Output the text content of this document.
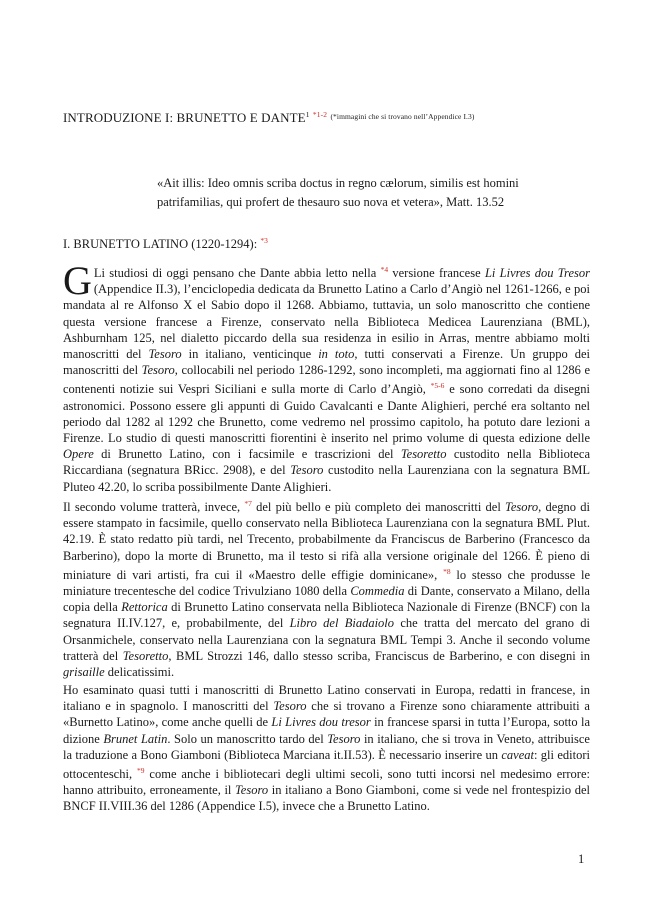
INTRODUZIONE I: BRUNETTO E DANTE$^1$ $^{*1-2}$ $^{(*immagini che si trovano nell’Appendice I.3)}$
«Ait illis: Ideo omnis scriba doctus in regno cælorum, similis est homini
patrifamilias, qui profert de thesauro suo nova et vetera», Matt. 13.52
I. BRUNETTO LATINO (1220-1294): $^{*3}$
G Li studiosi di oggi pensano che Dante abbia letto nella $^{*4}$ versione francese Li Livres dou Tresor (Appendice II.3), l’enciclopedia dedicata da Brunetto Latino a Carlo d’Angiò nel 1261-1266, e poi mandata al re Alfonso X el Sabio dopo il 1268. Abbiamo, tuttavia, un solo manoscritto che contiene questa versione francese a Firenze, conservato nella Biblioteca Medicea Laurenziana (BML), Ashburnham 125, nel dialetto piccardo della sua residenza in esilio in Arras, mentre abbiamo molti manoscritti del Tesoro in italiano, venticinque in toto, tutti conservati a Firenze. Un gruppo dei manoscritti del Tesoro, collocabili nel periodo 1286-1292, sono incompleti, ma aggiornati fino al 1286 e contenenti notizie sui Vespri Siciliani e sulla morte di Carlo d’Angiò, $^{*5-6}$ e sono corredati da disegni astronomici. Possono essere gli appunti di Guido Cavalcanti e Dante Alighieri, perché era soltanto nel periodo dal 1282 al 1292 che Brunetto, come vedremo nel prossimo capitolo, ha potuto dare lezioni a Firenze. Lo studio di questi manoscritti fiorentini è inserito nel primo volume di questa edizione delle Opere di Brunetto Latino, con i facsimile e trascrizioni del Tesoretto custodito nella Biblioteca Riccardiana (segnatura BRicc. 2908), e del Tesoro custodito nella Laurenziana con la segnatura BML Pluteo 42.20, lo scriba possibilmente Dante Alighieri.
Il secondo volume tratterà, invece, $^{*7}$ del più bello e più completo dei manoscritti del Tesoro, degno di essere stampato in facsimile, quello conservato nella Biblioteca Laurenziana con la segnatura BML Plut. 42.19. È stato redatto più tardi, nel Trecento, probabilmente da Franciscus de Barberino (Francesco da Barberino), dopo la morte di Brunetto, ma il testo si rifà alla versione originale del 1266. È pieno di miniature di vari artisti, fra cui il «Maestro delle effigie dominicane», $^{*8}$ lo stesso che produsse le miniature trecentesche del codice Trivulziano 1080 della Commedia di Dante, conservato a Milano, della copia della Rettorica di Brunetto Latino conservata nella Biblioteca Nazionale di Firenze (BNCF) con la segnatura II.IV.127, e, probabilmente, del Libro del Biadaiolo che tratta del mercato del grano di Orsanmichele, conservato nella Laurenziana con la segnatura BML Tempi 3. Anche il secondo volume tratterà del Tesoretto, BML Strozzi 146, dallo stesso scriba, Franciscus de Barberino, e con disegni in grisaille delicatissimi.
Ho esaminato quasi tutti i manoscritti di Brunetto Latino conservati in Europa, redatti in francese, in italiano e in spagnolo. I manoscritti del Tesoro che si trovano a Firenze sono chiaramente attribuiti a «Burnetto Latino», come anche quelli de Li Livres dou tresor in francese sparsi in tutta l’Europa, sotto la dizione Brunet Latin. Solo un manoscritto tardo del Tesoro in italiano, che si trova in Veneto, attribuisce la traduzione a Bono Giamboni (Biblioteca Marciana it.II.53). È necessario inserire un caveat: gli editori ottocenteschi, $^{*9}$ come anche i bibliotecari degli ultimi secoli, sono tutti incorsi nel medesimo errore: hanno attribuito, erroneamente, il Tesoro in italiano a Bono Giamboni, come si vede nel frontespizio del BNCF II.VIII.36 del 1286 (Appendice I.5), invece che a Brunetto Latino.
1
